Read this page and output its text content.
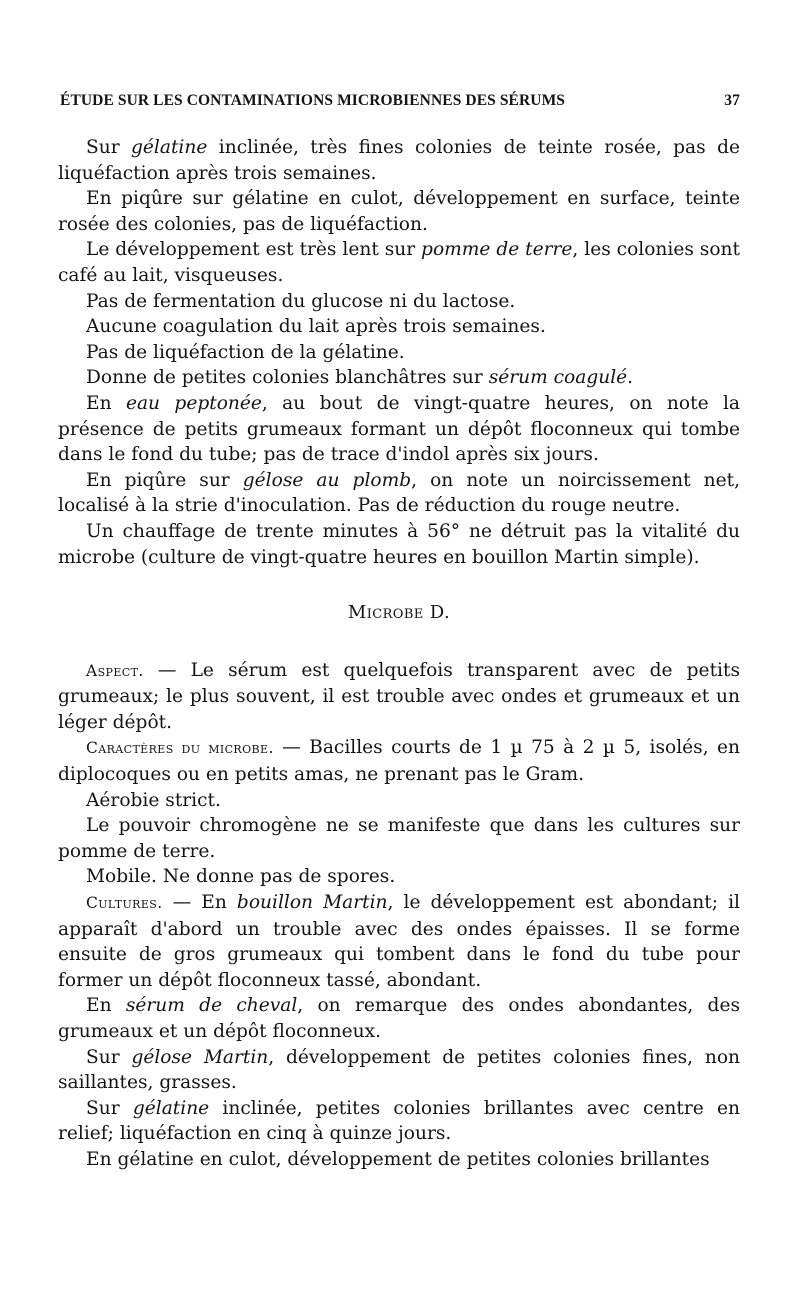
ÉTUDE SUR LES CONTAMINATIONS MICROBIENNES DES SÉRUMS	37

Sur gélatine inclinée, très fines colonies de teinte rosée, pas de liquéfaction après trois semaines.

En piqûre sur gélatine en culot, développement en surface, teinte rosée des colonies, pas de liquéfaction.

Le développement est très lent sur pomme de terre, les colonies sont café au lait, visqueuses.

Pas de fermentation du glucose ni du lactose.

Aucune coagulation du lait après trois semaines.

Pas de liquéfaction de la gélatine.

Donne de petites colonies blanchâtres sur sérum coagulé.

En eau peptonée, au bout de vingt-quatre heures, on note la présence de petits grumeaux formant un dépôt floconneux qui tombe dans le fond du tube; pas de trace d'indol après six jours.

En piqûre sur gélose au plomb, on note un noircissement net, localisé à la strie d'inoculation. Pas de réduction du rouge neutre.

Un chauffage de trente minutes à 56° ne détruit pas la vitalité du microbe (culture de vingt-quatre heures en bouillon Martin simple).

Microbe D.

Aspect. — Le sérum est quelquefois transparent avec de petits grumeaux; le plus souvent, il est trouble avec ondes et grumeaux et un léger dépôt.

Caractères du microbe. — Bacilles courts de 1 µ 75 à 2 µ 5, isolés, en diplocoques ou en petits amas, ne prenant pas le Gram.

Aérobie strict.

Le pouvoir chromogène ne se manifeste que dans les cultures sur pomme de terre.

Mobile. Ne donne pas de spores.

Cultures. — En bouillon Martin, le développement est abondant; il apparaît d'abord un trouble avec des ondes épaisses. Il se forme ensuite de gros grumeaux qui tombent dans le fond du tube pour former un dépôt floconneux tassé, abondant.

En sérum de cheval, on remarque des ondes abondantes, des grumeaux et un dépôt floconneux.

Sur gélose Martin, développement de petites colonies fines, non saillantes, grasses.

Sur gélatine inclinée, petites colonies brillantes avec centre en relief; liquéfaction en cinq à quinze jours.

En gélatine en culot, développement de petites colonies brillantes
